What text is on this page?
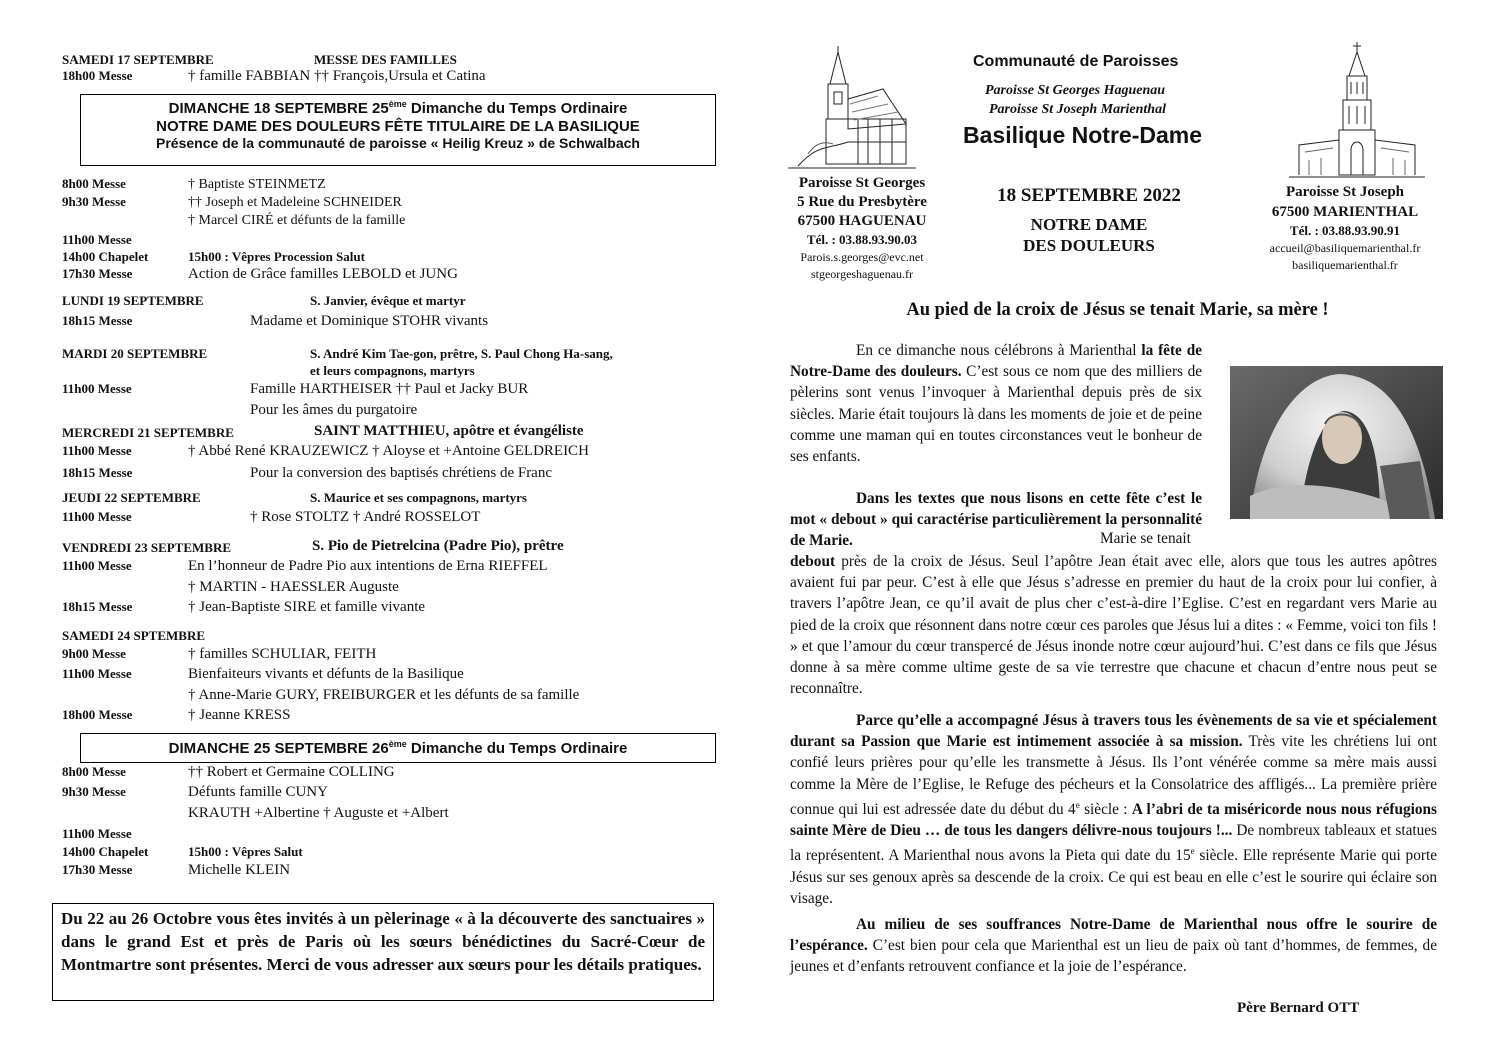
SAMEDI 17 SEPTEMBRE	MESSE DES FAMILLES
18h00 Messe	† famille FABBIAN †† François,Ursula et Catina
DIMANCHE 18 SEPTEMBRE 25ème Dimanche du Temps Ordinaire
NOTRE DAME DES DOULEURS FÊTE TITULAIRE DE LA BASILIQUE
Présence de la communauté de paroisse « Heilig Kreuz » de Schwalbach
8h00 Messe	† Baptiste STEINMETZ
9h30 Messe	†† Joseph et Madeleine SCHNEIDER
† Marcel CIRÉ et défunts de la famille
11h00 Messe
14h00 Chapelet	15h00 : Vêpres Procession Salut
17h30 Messe	Action de Grâce familles LEBOLD et JUNG
LUNDI 19 SEPTEMBRE	S. Janvier, évêque et martyr
18h15 Messe	Madame et Dominique STOHR vivants
MARDI 20 SEPTEMBRE	S. André Kim Tae-gon, prêtre, S. Paul Chong Ha-sang,
et leurs compagnons, martyrs
11h00 Messe	Famille HARTHEISER †† Paul et Jacky BUR
Pour les âmes du purgatoire
MERCREDI 21 SEPTEMBRE	SAINT MATTHIEU, apôtre et évangéliste
11h00 Messe	† Abbé René KRAUZEWICZ † Aloyse et +Antoine GELDREICH
18h15 Messe	Pour la conversion des baptisés chrétiens de Franc
JEUDI 22 SEPTEMBRE	S. Maurice et ses compagnons, martyrs
11h00 Messe	† Rose STOLTZ † André ROSSELOT
VENDREDI 23 SEPTEMBRE	S. Pio de Pietrelcina (Padre Pio), prêtre
11h00 Messe	En l’honneur de Padre Pio aux intentions de Erna RIEFFEL
† MARTIN - HAESSLER Auguste
18h15 Messe	† Jean-Baptiste SIRE et famille vivante
SAMEDI 24 SPTEMBRE
9h00 Messe	† familles SCHULIAR, FEITH
11h00 Messe	Bienfaiteurs vivants et défunts de la Basilique
† Anne-Marie GURY, FREIBURGER et les défunts de sa famille
18h00 Messe	† Jeanne KRESS
DIMANCHE 25 SEPTEMBRE 26ème Dimanche du Temps Ordinaire
8h00 Messe	†† Robert et Germaine COLLING
9h30 Messe	Défunts famille CUNY
KRAUTH +Albertine † Auguste et +Albert
11h00 Messe
14h00 Chapelet	15h00 : Vêpres Salut
17h30 Messe	Michelle KLEIN
Du 22 au 26 Octobre vous êtes invités à un pèlerinage « à la découverte des sanctuaires » dans le grand Est et près de Paris où les sœurs bénédictines du Sacré-Cœur de Montmartre sont présentes. Merci de vous adresser aux sœurs pour les détails pratiques.
Communauté de Paroisses
Paroisse St Georges Haguenau
Paroisse St Joseph Marienthal
Basilique Notre-Dame
Paroisse St Georges
5 Rue du Presbytère
67500 HAGUENAU
Tél. : 03.88.93.90.03
Parois.s.georges@evc.net
stgeorgeshaguenau.fr
18 SEPTEMBRE 2022
NOTRE DAME
DES DOULEURS
Paroisse St Joseph
67500 MARIENTHAL
Tél. : 03.88.93.90.91
accueil@basiliquemarienthal.fr
basiliquemarienthal.fr
Au pied de la croix de Jésus se tenait Marie, sa mère !

En ce dimanche nous célébrons à Marienthal la fête de Notre-Dame des douleurs. C’est sous ce nom que des milliers de pèlerins sont venus l’invoquer à Marienthal depuis près de six siècles. Marie était toujours là dans les moments de joie et de peine comme une maman qui en toutes circonstances veut le bonheur de ses enfants.

Dans les textes que nous lisons en cette fête c’est le mot « debout » qui caractérise particulièrement la personnalité de Marie.	Marie se tenait

debout près de la croix de Jésus. Seul l’apôtre Jean était avec elle, alors que tous les autres apôtres avaient fui par peur. C’est à elle que Jésus s’adresse en premier du haut de la croix pour lui confier, à travers l’apôtre Jean, ce qu’il avait de plus cher c’est-à-dire l’Eglise. C’est en regardant vers Marie au pied de la croix que résonnent dans notre cœur ces paroles que Jésus lui a dites : « Femme, voici ton fils ! » et que l’amour du cœur transpercé de Jésus inonde notre cœur aujourd’hui. C’est dans ce fils que Jésus donne à sa mère comme ultime geste de sa vie terrestre que chacune et chacun d’entre nous peut se reconnaître.

Parce qu’elle a accompagné Jésus à travers tous les évènements de sa vie et spécialement durant sa Passion que Marie est intimement associée à sa mission. Très vite les chrétiens lui ont confié leurs prières pour qu’elle les transmette à Jésus. Ils l’ont vénérée comme sa mère mais aussi comme la Mère de l’Eglise, le Refuge des pécheurs et la Consolatrice des affligés... La première prière connue qui lui est adressée date du début du 4e siècle : A l’abri de ta miséricorde nous nous réfugions sainte Mère de Dieu … de tous les dangers délivre-nous toujours !... De nombreux tableaux et statues la représentent. A Marienthal nous avons la Pieta qui date du 15e siècle. Elle représente Marie qui porte Jésus sur ses genoux après sa descende de la croix. Ce qui est beau en elle c’est le sourire qui éclaire son visage.

Au milieu de ses souffrances Notre-Dame de Marienthal nous offre le sourire de l’espérance. C’est bien pour cela que Marienthal est un lieu de paix où tant d’hommes, de femmes, de jeunes et d’enfants retrouvent confiance et la joie de l’espérance.

Père Bernard OTT
